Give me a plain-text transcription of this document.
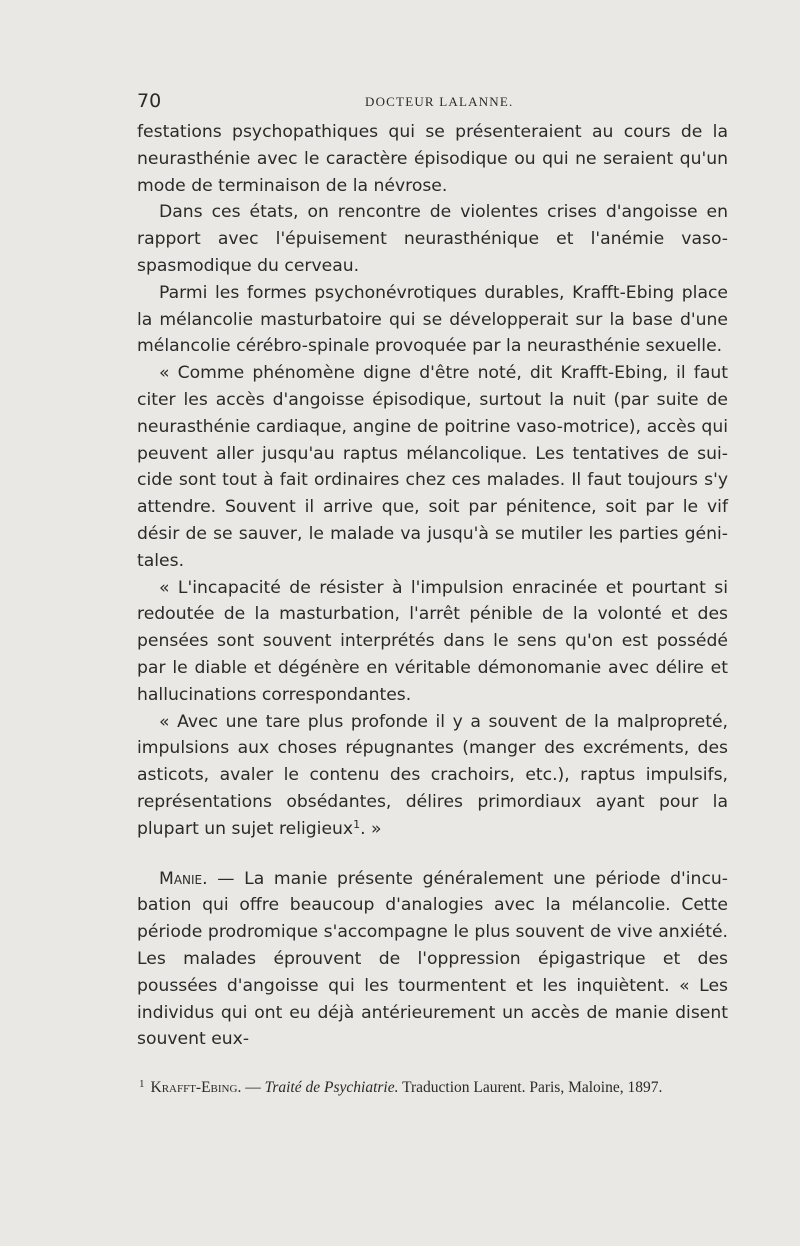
70	DOCTEUR LALANNE.

festations psychopathiques qui se présenteraient au cours de la neurasthénie avec le caractère épisodique ou qui ne seraient qu'un mode de terminaison de la névrose.

Dans ces états, on rencontre de violentes crises d'angoisse en rapport avec l'épuisement neurasthénique et l'anémie vaso-spasmodique du cerveau.

Parmi les formes psychonévrotiques durables, Krafft-Ebing place la mélancolie masturbatoire qui se développerait sur la base d'une mélancolie cérébro-spinale provoquée par la neurasthénie sexuelle.

« Comme phénomène digne d'être noté, dit Krafft-Ebing, il faut citer les accès d'angoisse épisodique, surtout la nuit (par suite de neurasthénie cardiaque, angine de poitrine vaso-motrice), accès qui peuvent aller jusqu'au raptus mélancolique. Les tentatives de suicide sont tout à fait ordinaires chez ces malades. Il faut toujours s'y attendre. Souvent il arrive que, soit par pénitence, soit par le vif désir de se sauver, le malade va jusqu'à se mutiler les parties génitales.

« L'incapacité de résister à l'impulsion enracinée et pourtant si redoutée de la masturbation, l'arrêt pénible de la volonté et des pensées sont souvent interprétés dans le sens qu'on est possédé par le diable et dégénère en véritable démonomanie avec délire et hallucinations correspondantes.

« Avec une tare plus profonde il y a souvent de la malpropreté, impulsions aux choses répugnantes (manger des excréments, des asticots, avaler le contenu des crachoirs, etc.), raptus impulsifs, représentations obsédantes, délires primordiaux ayant pour la plupart un sujet religieux$^1$. »

Manie. — La manie présente généralement une période d'incubation qui offre beaucoup d'analogies avec la mélancolie. Cette période prodromique s'accompagne le plus souvent de vive anxiété. Les malades éprouvent de l'oppression épigastrique et des poussées d'angoisse qui les tourmentent et les inquiètent. « Les individus qui ont eu déjà antérieurement un accès de manie disent souvent eux-

$^1$ Krafft-Ebing. — Traité de Psychiatrie. Traduction Laurent. Paris, Maloine, 1897.
